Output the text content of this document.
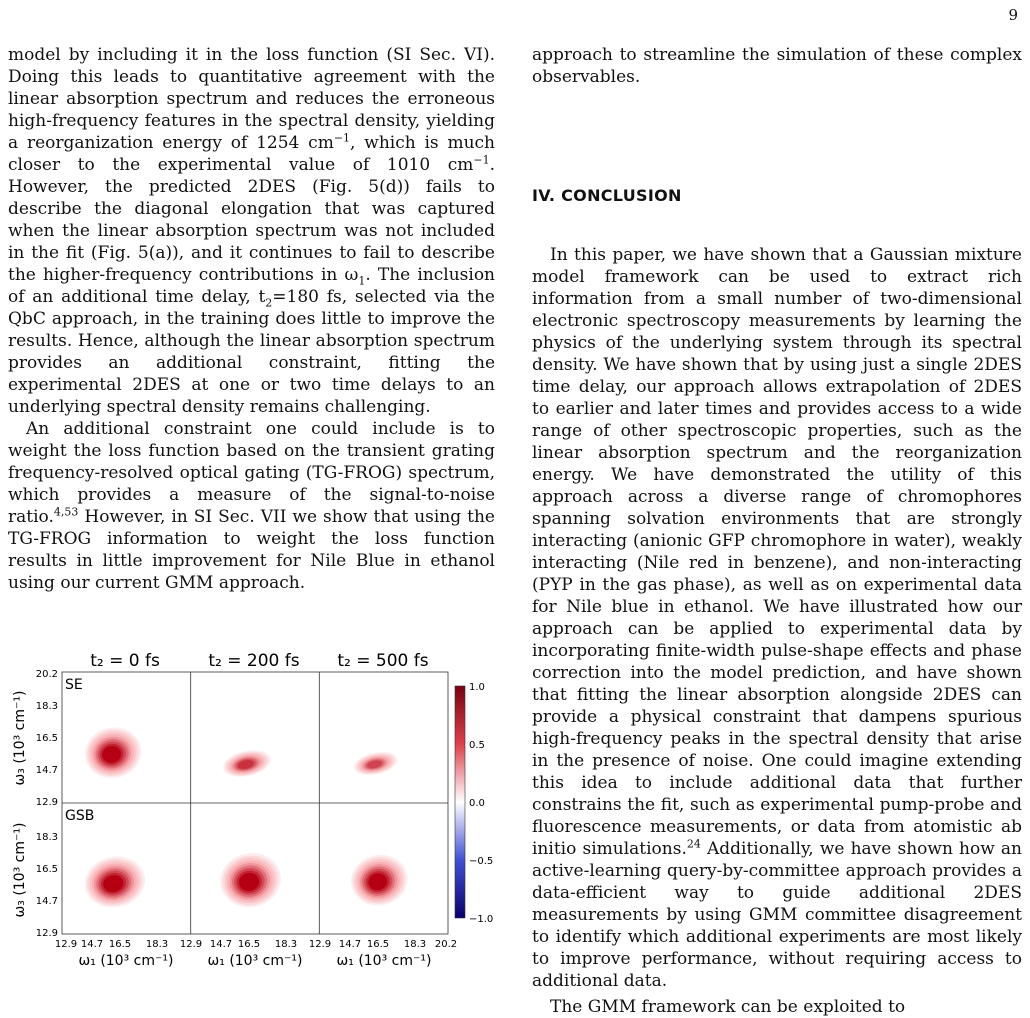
9

model by including it in the loss function (SI Sec. VI). Doing this leads to quantitative agreement with the linear absorption spectrum and reduces the erroneous high-frequency features in the spectral density, yielding a reorganization energy of 1254 $cm^{-1}$, which is much closer to the experimental value of 1010 $cm^{-1}$. However, the predicted 2DES (Fig. 5(d)) fails to describe the diagonal elongation that was captured when the linear absorption spectrum was not included in the fit (Fig. 5(a)), and it continues to fail to describe the higher-frequency contributions in $\omega_1$. The inclusion of an additional time delay, $t_2=180$ fs, selected via the QbC approach, in the training does little to improve the results. Hence, although the linear absorption spectrum provides an additional constraint, fitting the experimental 2DES at one or two time delays to an underlying spectral density remains challenging.

An additional constraint one could include is to weight the loss function based on the transient grating frequency-resolved optical gating (TG-FROG) spectrum, which provides a measure of the signal-to-noise ratio.$^{4,53}$ However, in SI Sec. VII we show that using the TG-FROG information to weight the loss function results in little improvement for Nile Blue in ethanol using our current GMM approach.

approach to streamline the simulation of these complex observables.

In this paper, we have shown that a Gaussian mixture model framework can be used to extract rich information from a small number of two-dimensional electronic spectroscopy measurements by learning the physics of the underlying system through its spectral density. We have shown that by using just a single 2DES time delay, our approach allows extrapolation of 2DES to earlier and later times and provides access to a wide range of other spectroscopic properties, such as the linear absorption spectrum and the reorganization energy. We have demonstrated the utility of this approach across a diverse range of chromophores spanning solvation environments that are strongly interacting (anionic GFP chromophore in water), weakly interacting (Nile red in benzene), and non-interacting (PYP in the gas phase), as well as on experimental data for Nile blue in ethanol. We have illustrated how our approach can be applied to experimental data by incorporating finite-width pulse-shape effects and phase correction into the model prediction, and have shown that fitting the linear absorption alongside 2DES can provide a physical constraint that dampens spurious high-frequency peaks in the spectral density that arise in the presence of noise. One could imagine extending this idea to include additional data that further constrains the fit, such as experimental pump-probe and fluorescence measurements, or data from atomistic ab initio simulations.$^{24}$ Additionally, we have shown how an active-learning query-by-committee approach provides a data-efficient way to guide additional 2DES measurements by using GMM committee disagreement to identify which additional experiments are most likely to improve performance, without requiring access to additional data.

The GMM framework can be exploited to

IV. CONCLUSION
t₂ = 0 fs	t₂ = 200 fs t₂ = 500 fs
SE
GSB
20.2
18.3
16.5
14.7
12.9
18.3
16.5
14.7
12.9
12.9 14.7 16.5 18.3 12.9 14.7 16.5 18.3 12.9 14.7 16.5 18.3 20.2
ω₁ (10³ cm⁻¹) ω₁ (10³ cm⁻¹) ω₁ (10³ cm⁻¹)
ω₃ (10³ cm⁻¹)
ω₃ (10³ cm⁻¹)
1.0
0.5
0.0
−0.5
−1.0
